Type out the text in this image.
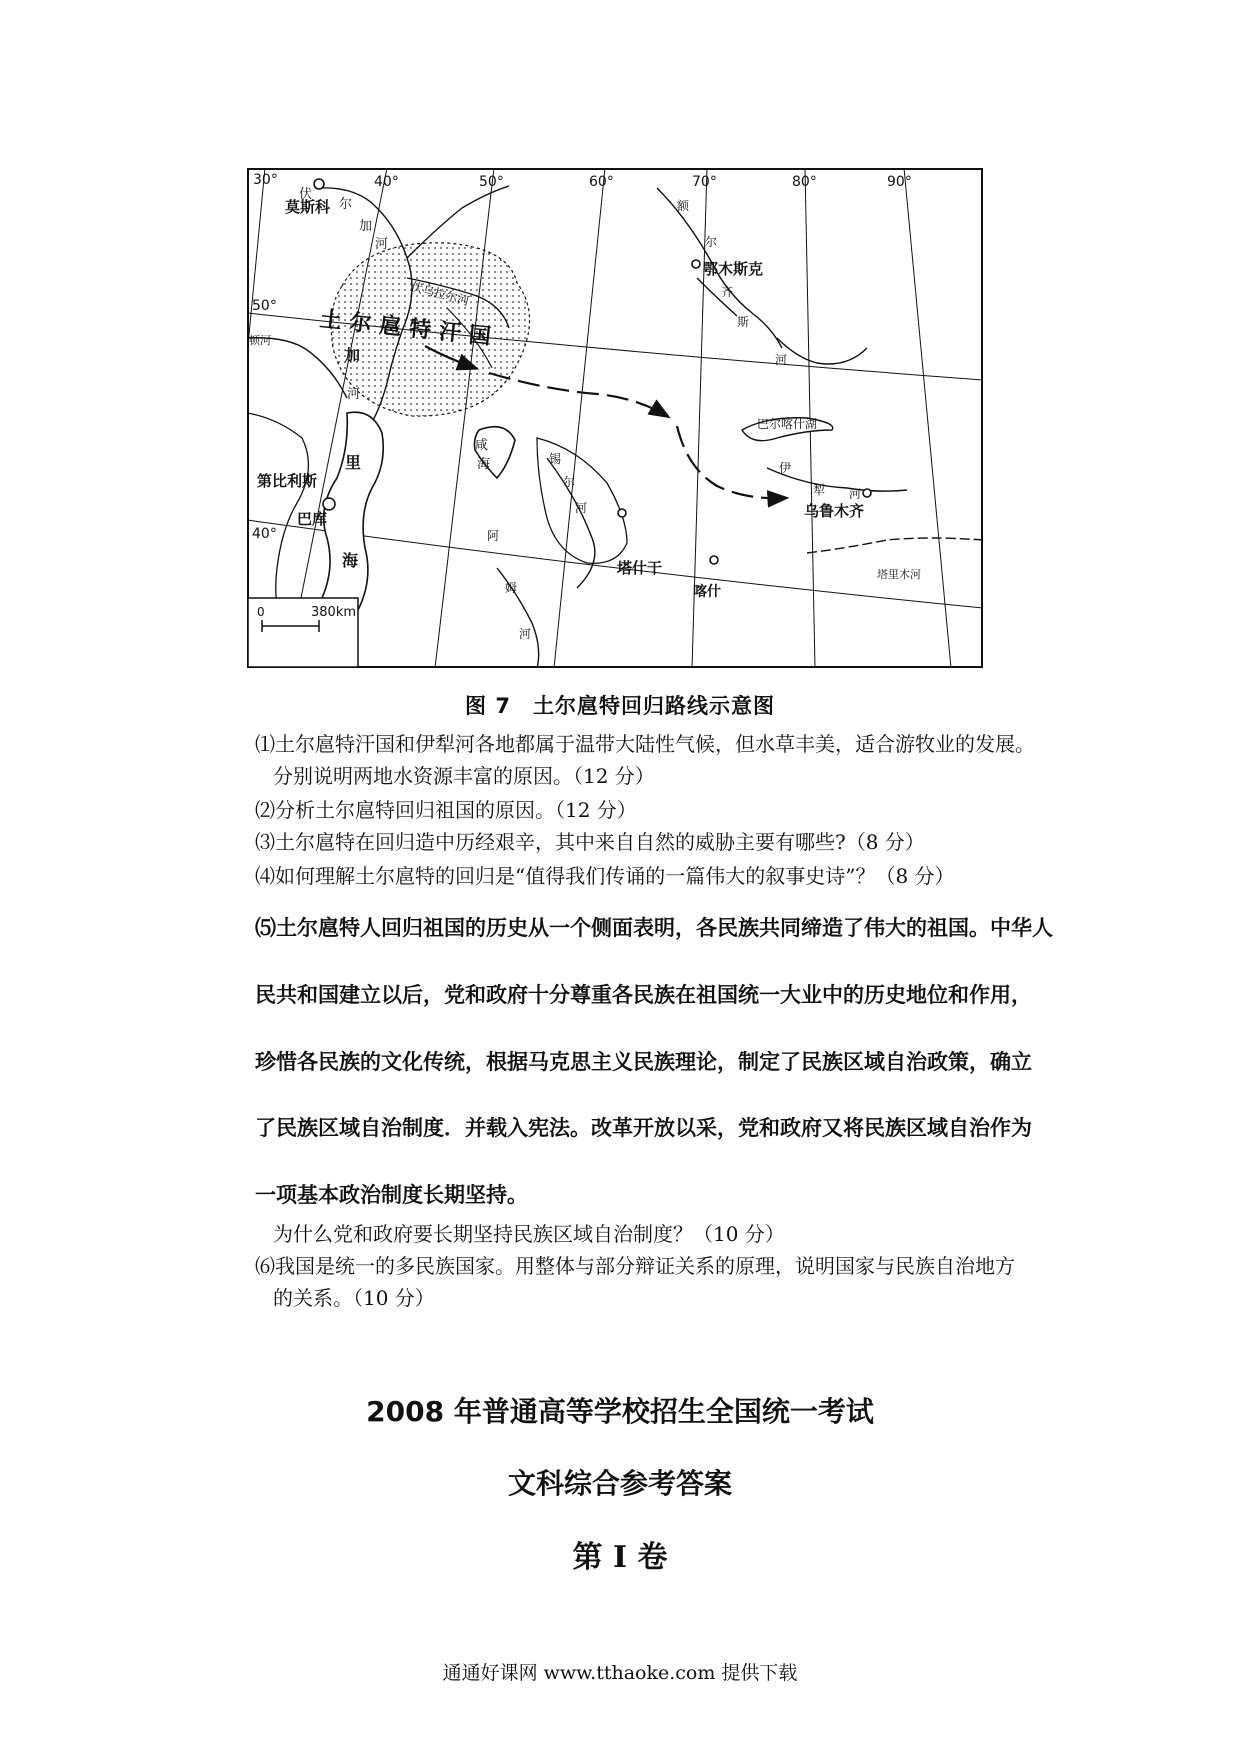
30°	40°	50°	60°	70°	80°	90°
50°
40°
莫斯科
鄂木斯克
第比利斯
巴库
塔什干
喀什
乌鲁木齐
土尔扈特汗国
伏
尔
加
河
加
河
伏乌拉尔河
里
海
咸
海	锡
尔
河
阿
姆
河
额
尔
齐
斯
河
巴尔喀什湖
伊
犁 河
塔里木河
顿河
0	380km
图 7　土尔扈特回归路线示意图
⑴土尔扈特汗国和伊犁河各地都属于温带大陆性气候，但水草丰美，适合游牧业的发展。
分别说明两地水资源丰富的原因。（12 分）
⑵分析土尔扈特回归祖国的原因。（12 分）
⑶土尔扈特在回归造中历经艰辛，其中来自自然的威胁主要有哪些?（8 分）
⑷如何理解土尔扈特的回归是“值得我们传诵的一篇伟大的叙事史诗”？（8 分）

⑸土尔扈特人回归祖国的历史从一个侧面表明，各民族共同缔造了伟大的祖国。中华人

民共和国建立以后，党和政府十分尊重各民族在祖国统一大业中的历史地位和作用，

珍惜各民族的文化传统，根据马克思主义民族理论，制定了民族区域自治政策，确立

了民族区域自治制度．并载入宪法。改革开放以采，党和政府又将民族区域自治作为

一项基本政治制度长期坚持。

为什么党和政府要长期坚持民族区域自治制度？（10 分）
⑹我国是统一的多民族国家。用整体与部分辩证关系的原理，说明国家与民族自治地方
的关系。（10 分）
2008 年普通高等学校招生全国统一考试
文科综合参考答案
第 I 卷
通通好课网 www.tthaoke.com 提供下载
